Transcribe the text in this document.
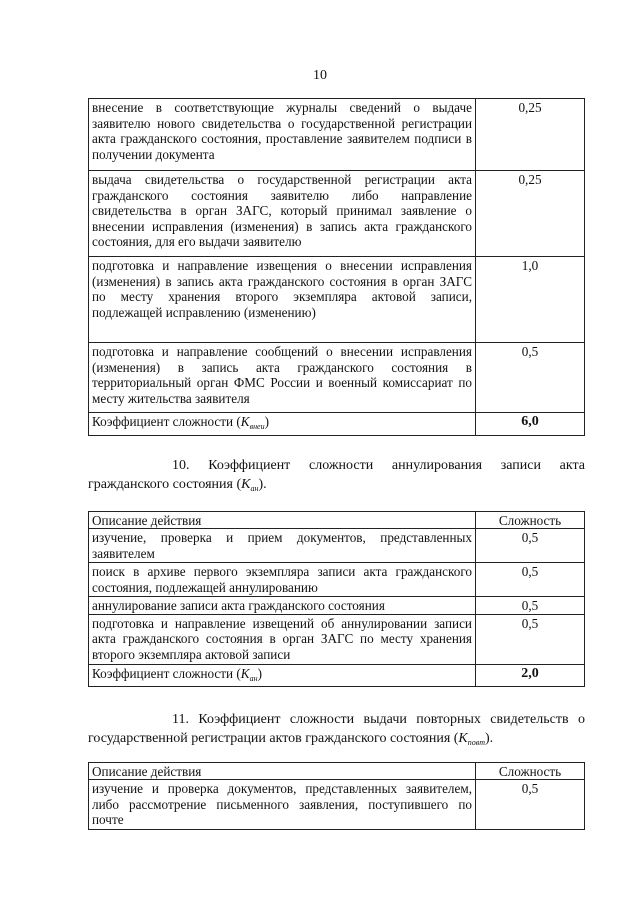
10
внесение в соответствующие журналы сведений о выдаче заявителю нового свидетельства о государственной регистрации акта гражданского состояния, проставление заявителем подписи в получении документа	0,25
выдача свидетельства о государственной регистрации акта гражданского состояния заявителю либо направление свидетельства в орган ЗАГС, который принимал заявление о внесении исправления (изменения) в запись акта гражданского состояния, для его выдачи заявителю	0,25
подготовка и направление извещения о внесении исправления (изменения) в запись акта гражданского состояния в орган ЗАГС по месту хранения второго экземпляра актовой записи, подлежащей исправлению (изменению)	1,0
подготовка и направление сообщений о внесении исправления (изменения) в запись акта гражданского состояния в территориальный орган ФМС России и военный комиссариат по месту жительства заявителя	0,5
Коэффициент сложности $(K_{внеи})$	6,0

10. Коэффициент сложности аннулирования записи акта гражданского состояния $(K_{ан})$.

Описание действия	Сложность
изучение, проверка и прием документов, представленных заявителем	0,5
поиск в архиве первого экземпляра записи акта гражданского состояния, подлежащей аннулированию	0,5
аннулирование записи акта гражданского состояния	0,5
подготовка и направление извещений об аннулировании записи акта гражданского состояния в орган ЗАГС по месту хранения второго экземпляра актовой записи	0,5
Коэффициент сложности $(K_{ан})$	2,0

11. Коэффициент сложности выдачи повторных свидетельств о государственной регистрации актов гражданского состояния $(K_{повт})$.

Описание действия	Сложность
изучение и проверка документов, представленных заявителем, либо рассмотрение письменного заявления, поступившего по почте	0,5
